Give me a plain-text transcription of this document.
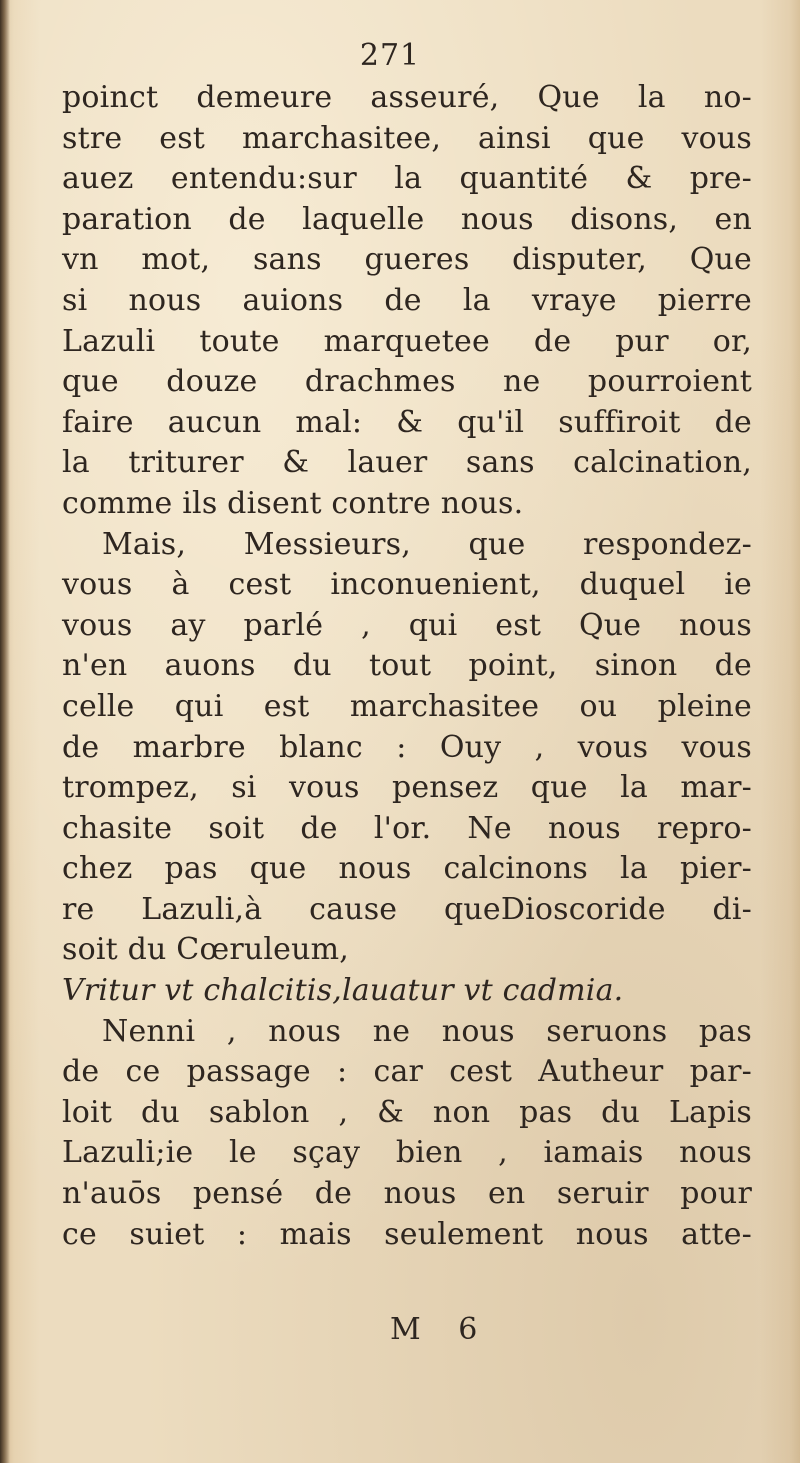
271
poinct demeure asseuré, Que la no-
stre est marchasitee, ainsi que vous
auez entendu:sur la quantité & pre-
paration de laquelle nous disons, en
vn mot, sans gueres disputer, Que
si nous auions de la vraye pierre
Lazuli toute marquetee de pur or,
que douze drachmes ne pourroient
faire aucun mal: & qu'il suffiroit de
la triturer & lauer sans calcination,
comme ils disent contre nous.
Mais, Messieurs, que respondez-
vous à cest inconuenient, duquel ie
vous ay parlé , qui est Que nous
n'en auons du tout point, sinon de
celle qui est marchasitee ou pleine
de marbre blanc : Ouy , vous vous
trompez, si vous pensez que la mar-
chasite soit de l'or. Ne nous repro-
chez pas que nous calcinons la pier-
re Lazuli,à cause queDioscoride di-
soit du Cœruleum,
Vritur vt chalcitis,lauatur vt cadmia.
Nenni , nous ne nous seruons pas
de ce passage : car cest Autheur par-
loit du sablon , & non pas du Lapis
Lazuli;ie le sçay bien , iamais nous
n'auōs pensé de nous en seruir pour
ce suiet : mais seulement nous atte-
M 6
